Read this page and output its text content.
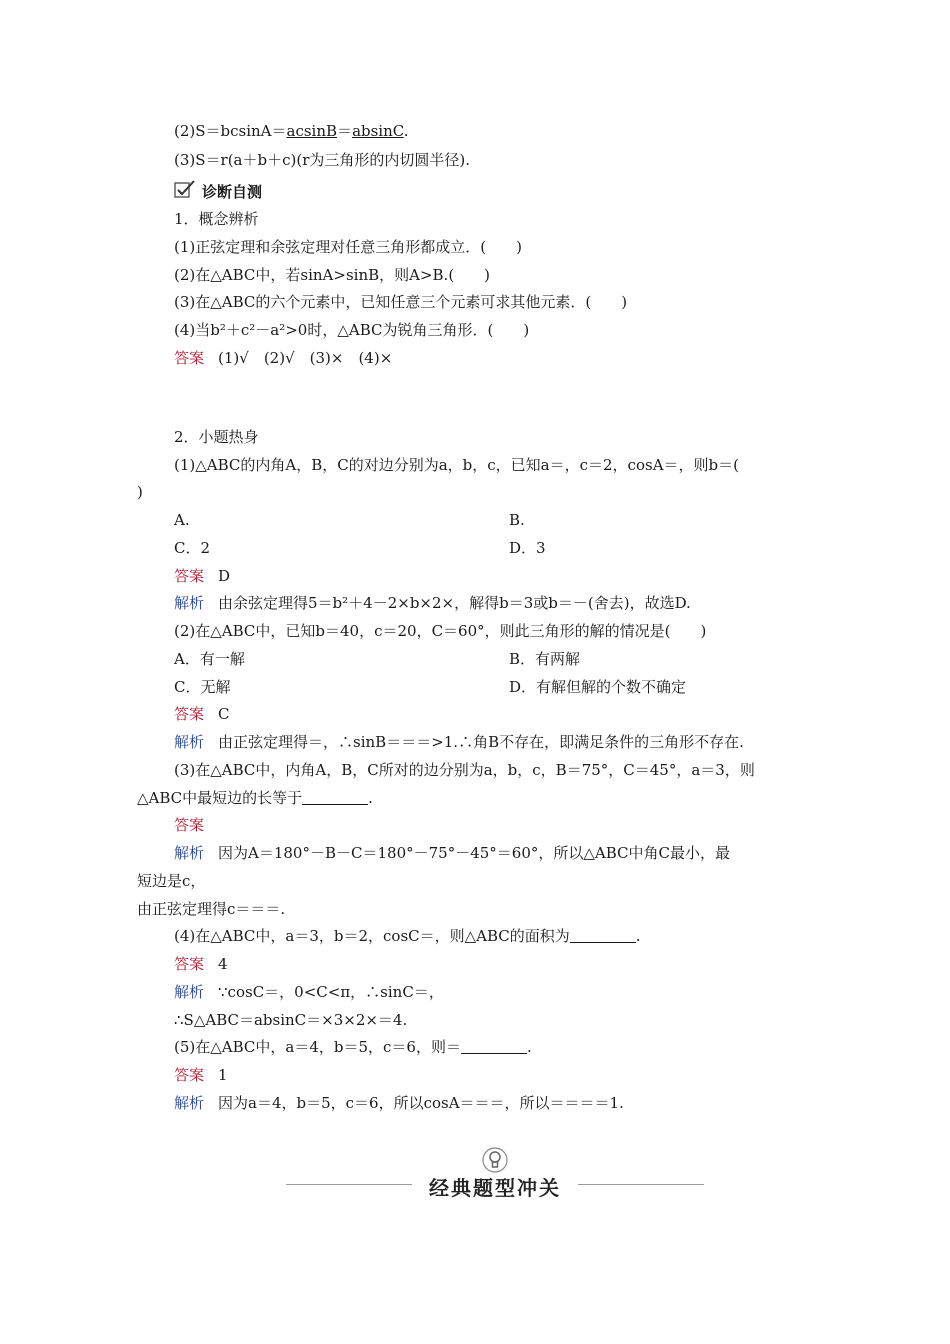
(2)S＝bcsinA＝acsinB＝absinC.
(3)S＝r(a＋b＋c)(r为三角形的内切圆半径).
诊断自测
1．概念辨析
(1)正弦定理和余弦定理对任意三角形都成立．(　　)
(2)在△ABC中，若sinA>sinB，则A>B.(　　)
(3)在△ABC的六个元素中，已知任意三个元素可求其他元素．(　　)
(4)当b²＋c²－a²>0时，△ABC为锐角三角形．(　　)
答案 (1)√　(2)√　(3)×　(4)×
2．小题热身
(1)△ABC的内角A，B，C的对边分别为a，b，c，已知a＝，c＝2，cosA＝，则b＝(
)
A.	B.
C．2	D．3
答案 D
解析 由余弦定理得5＝b²＋4－2×b×2×，解得b＝3或b＝－(舍去)，故选D.
(2)在△ABC中，已知b＝40，c＝20，C＝60°，则此三角形的解的情况是(　　)
A．有一解	B．有两解
C．无解	D．有解但解的个数不确定
答案 C
解析 由正弦定理得＝，∴sinB＝＝＝>1.∴角B不存在，即满足条件的三角形不存在.
(3)在△ABC中，内角A，B，C所对的边分别为a，b，c，B＝75°，C＝45°，a＝3，则
△ABC中最短边的长等于	.
答案
解析 因为A＝180°－B－C＝180°－75°－45°＝60°，所以△ABC中角C最小，最
短边是c，
由正弦定理得c＝＝＝.
(4)在△ABC中，a＝3，b＝2，cosC＝，则△ABC的面积为	.
答案 4
解析 ∵cosC＝，0<C<π，∴sinC＝，
∴S△ABC＝absinC＝×3×2×＝4.
(5)在△ABC中，a＝4，b＝5，c＝6，则＝	.
答案 1
解析 因为a＝4，b＝5，c＝6，所以cosA＝＝＝，所以＝＝＝＝1.
经典题型冲关
